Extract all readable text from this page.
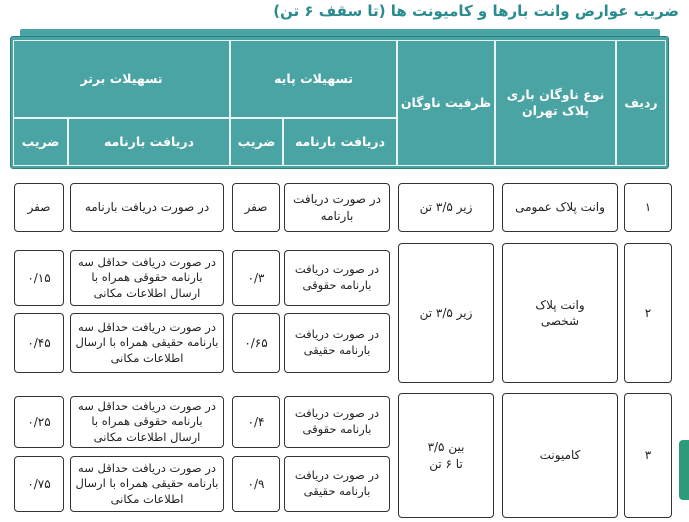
ضریب عوارض وانت بارها و کامیونت ها (تا سقف ۶ تن)
ردیف
نوع ناوگان باری پلاک تهران
ظرفیت ناوگان
تسهیلات پایه
تسهیلات برتر
دریافت بارنامه
ضریب
دریافت بارنامه
ضریب
۱
وانت پلاک عمومی
زیر ۳/۵ تن
در صورت دریافت بارنامه
صفر
در صورت دریافت بارنامه
صفر
۲
وانت پلاک شخصی
زیر ۳/۵ تن
در صورت دریافت بارنامه حقوقی
۰/۳
در صورت دریافت حداقل سه بارنامه حقوقی همراه با ارسال اطلاعات مکانی
۰/۱۵
در صورت دریافت بارنامه حقیقی
۰/۶۵
در صورت دریافت حداقل سه بارنامه حقیقی همراه با ارسال اطلاعات مکانی
۰/۴۵
۳
کامیونت
بین ۳/۵ تا ۶ تن
در صورت دریافت بارنامه حقوقی
۰/۴
در صورت دریافت حداقل سه بارنامه حقوقی همراه با ارسال اطلاعات مکانی
۰/۲۵
در صورت دریافت بارنامه حقیقی
۰/۹
در صورت دریافت حداقل سه بارنامه حقیقی همراه با ارسال اطلاعات مکانی
۰/۷۵
